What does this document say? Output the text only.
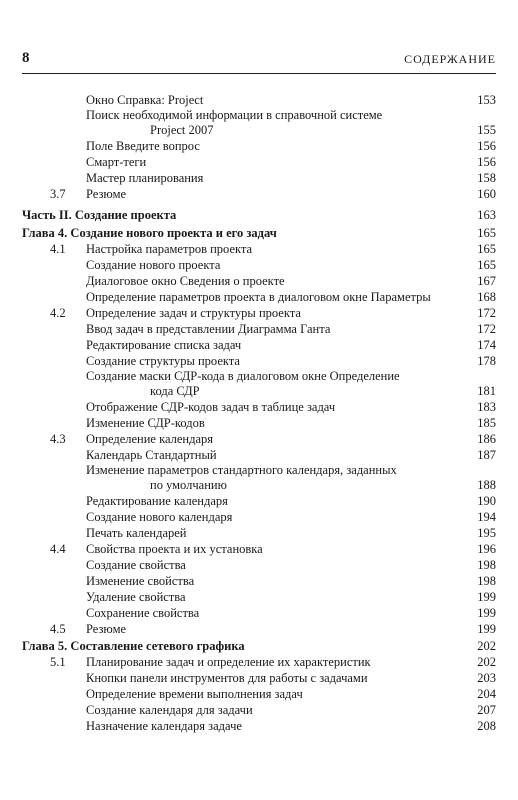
8	СОДЕРЖАНИЕ
Окно Справка: Project	153
Поиск необходимой информации в справочной системе
Project 2007	155
Поле Введите вопрос	156
Смарт-теги	156
Мастер планирования	158
3.7 Резюме	160
Часть II. Создание проекта	163
Глава 4. Создание нового проекта и его задач	165
4.1 Настройка параметров проекта	165
Создание нового проекта	165
Диалоговое окно Сведения о проекте	167
Определение параметров проекта в диалоговом окне Параметры	168
4.2 Определение задач и структуры проекта	172
Ввод задач в представлении Диаграмма Ганта	172
Редактирование списка задач	174
Создание структуры проекта	178
Создание маски СДР-кода в диалоговом окне Определение
кода СДР	181
Отображение СДР-кодов задач в таблице задач	183
Изменение СДР-кодов	185
4.3 Определение календаря	186
Календарь Стандартный	187
Изменение параметров стандартного календаря, заданных
по умолчанию	188
Редактирование календаря	190
Создание нового календаря	194
Печать календарей	195
4.4 Свойства проекта и их установка	196
Создание свойства	198
Изменение свойства	198
Удаление свойства	199
Сохранение свойства	199
4.5 Резюме	199
Глава 5. Составление сетевого графика	202
5.1 Планирование задач и определение их характеристик	202
Кнопки панели инструментов для работы с задачами	203
Определение времени выполнения задач	204
Создание календаря для задачи	207
Назначение календаря задаче	208
